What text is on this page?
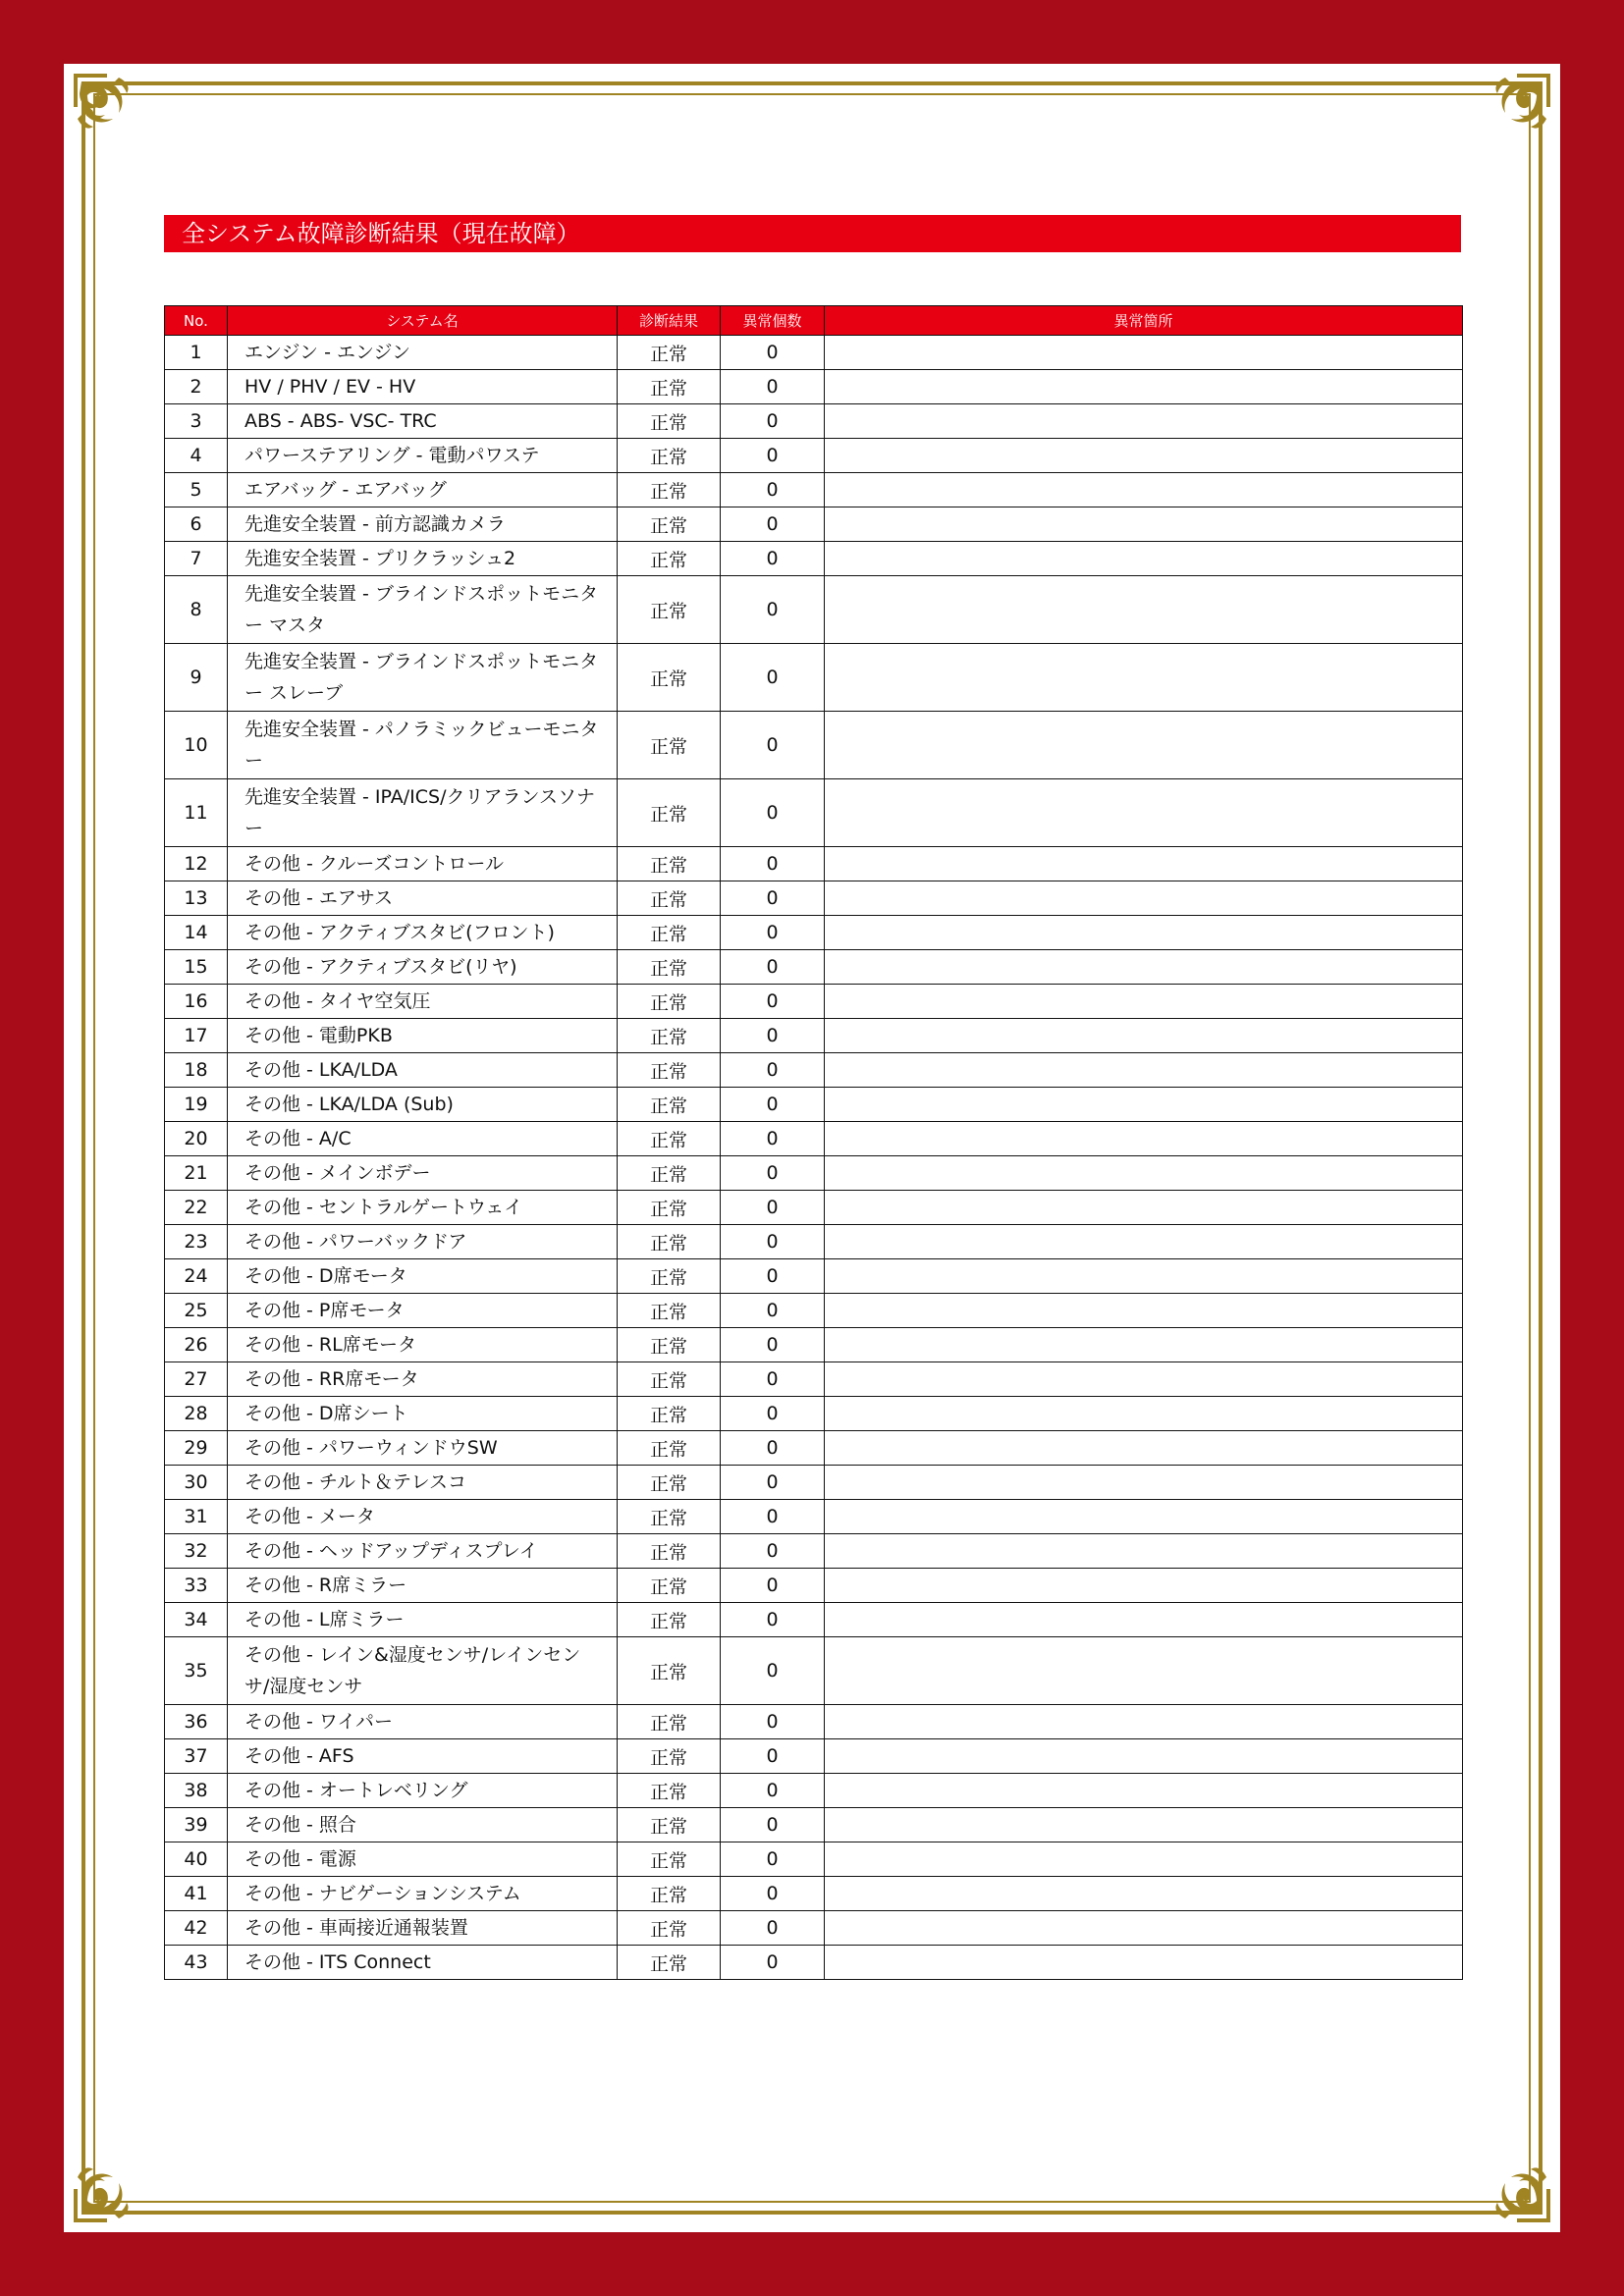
全システム故障診断結果（現在故障）
No.	システム名	診断結果	異常個数	異常箇所
1	エンジン - エンジン	正常	0	
2	HV / PHV / EV - HV	正常	0	
3	ABS - ABS- VSC- TRC	正常	0	
4	パワーステアリング - 電動パワステ	正常	0	
5	エアバッグ - エアバッグ	正常	0	
6	先進安全装置 - 前方認識カメラ	正常	0	
7	先進安全装置 - プリクラッシュ2	正常	0	
8	先進安全装置 - ブラインドスポットモニター マスタ	正常	0	
9	先進安全装置 - ブラインドスポットモニター スレーブ	正常	0	
10	先進安全装置 - パノラミックビューモニター	正常	0	
11	先進安全装置 - IPA/ICS/クリアランスソナー	正常	0	
12	その他 - クルーズコントロール	正常	0	
13	その他 - エアサス	正常	0	
14	その他 - アクティブスタビ(フロント)	正常	0	
15	その他 - アクティブスタビ(リヤ)	正常	0	
16	その他 - タイヤ空気圧	正常	0	
17	その他 - 電動PKB	正常	0	
18	その他 - LKA/LDA	正常	0	
19	その他 - LKA/LDA (Sub)	正常	0	
20	その他 - A/C	正常	0	
21	その他 - メインボデー	正常	0	
22	その他 - セントラルゲートウェイ	正常	0	
23	その他 - パワーバックドア	正常	0	
24	その他 - D席モータ	正常	0	
25	その他 - P席モータ	正常	0	
26	その他 - RL席モータ	正常	0	
27	その他 - RR席モータ	正常	0	
28	その他 - D席シート	正常	0	
29	その他 - パワーウィンドウSW	正常	0	
30	その他 - チルト＆テレスコ	正常	0	
31	その他 - メータ	正常	0	
32	その他 - ヘッドアップディスプレイ	正常	0	
33	その他 - R席ミラー	正常	0	
34	その他 - L席ミラー	正常	0	
35	その他 - レイン&湿度センサ/レインセンサ/湿度センサ	正常	0	
36	その他 - ワイパー	正常	0	
37	その他 - AFS	正常	0	
38	その他 - オートレベリング	正常	0	
39	その他 - 照合	正常	0	
40	その他 - 電源	正常	0	
41	その他 - ナビゲーションシステム	正常	0	
42	その他 - 車両接近通報装置	正常	0	
43	その他 - ITS Connect	正常	0	
